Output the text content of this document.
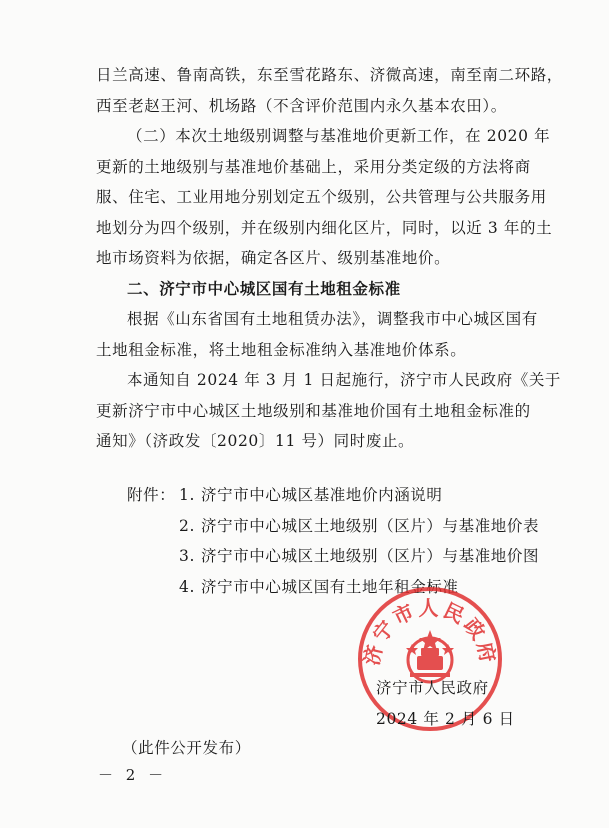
日兰高速、鲁南高铁，东至雪花路东、济微高速，南至南二环路，
西至老赵王河、机场路（不含评价范围内永久基本农田）。
（二）本次土地级别调整与基准地价更新工作，在 2020 年
更新的土地级别与基准地价基础上，采用分类定级的方法将商
服、住宅、工业用地分别划定五个级别，公共管理与公共服务用
地划分为四个级别，并在级别内细化区片，同时，以近 3 年的土
地市场资料为依据，确定各区片、级别基准地价。
二、济宁市中心城区国有土地租金标准
根据《山东省国有土地租赁办法》，调整我市中心城区国有
土地租金标准，将土地租金标准纳入基准地价体系。
本通知自 2024 年 3 月 1 日起施行，济宁市人民政府《关于
更新济宁市中心城区土地级别和基准地价国有土地租金标准的
通知》（济政发〔2020〕11 号）同时废止。
附件： 1. 济宁市中心城区基准地价内涵说明
2. 济宁市中心城区土地级别（区片）与基准地价表
3. 济宁市中心城区土地级别（区片）与基准地价图
4. 济宁市中心城区国有土地年租金标准
济宁市人民政府
济宁市人民政府
2024 年 2 月 6 日
（此件公开发布）
－ 2 －
